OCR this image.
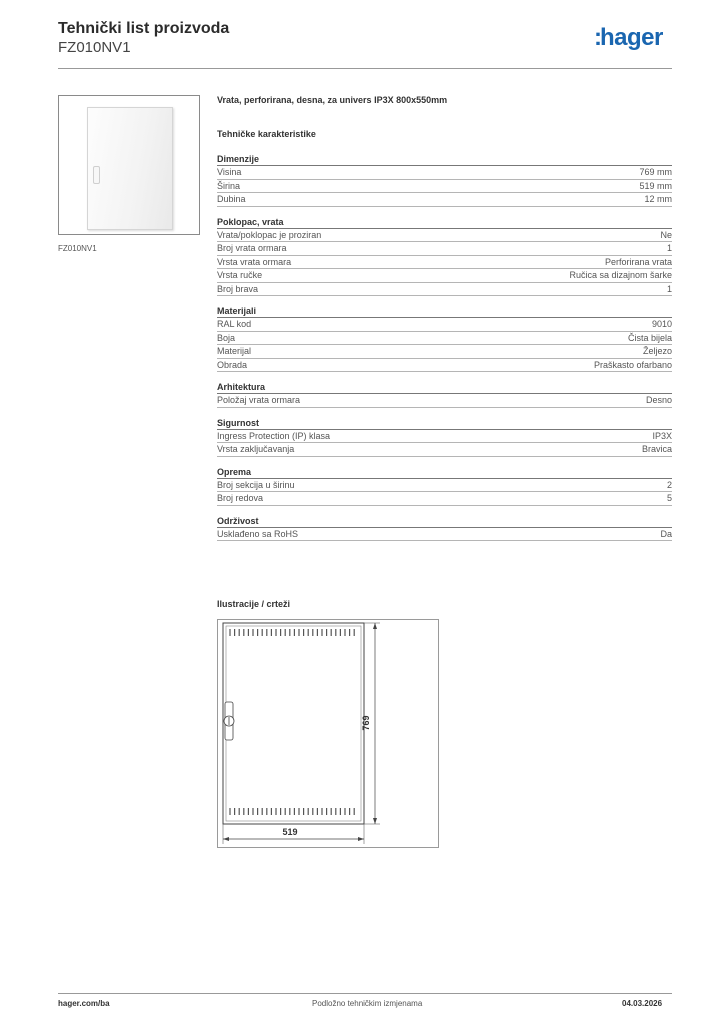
Tehnički list proizvoda
FZ010NV1	:hager
FZ010NV1
Vrata, perforirana, desna, za univers IP3X 800x550mm
Tehničke karakteristike
Dimenzije
Visina	769 mm
Širina	519 mm
Dubina	12 mm
Poklopac, vrata
Vrata/poklopac je proziran	Ne
Broj vrata ormara	1
Vrsta vrata ormara	Perforirana vrata
Vrsta ručke	Ručica sa dizajnom šarke
Broj brava	1
Materijali
RAL kod	9010
Boja	Čista bijela
Materijal	Željezo
Obrada	Praškasto ofarbano
Arhitektura
Položaj vrata ormara	Desno
Sigurnost
Ingress Protection (IP) klasa	IP3X
Vrsta zaključavanja	Bravica
Oprema
Broj sekcija u širinu	2
Broj redova	5
Održivost
Usklađeno sa RoHS	Da
Ilustracije / crteži
769
519
hager.com/ba	Podložno tehničkim izmjenama	04.03.2026
